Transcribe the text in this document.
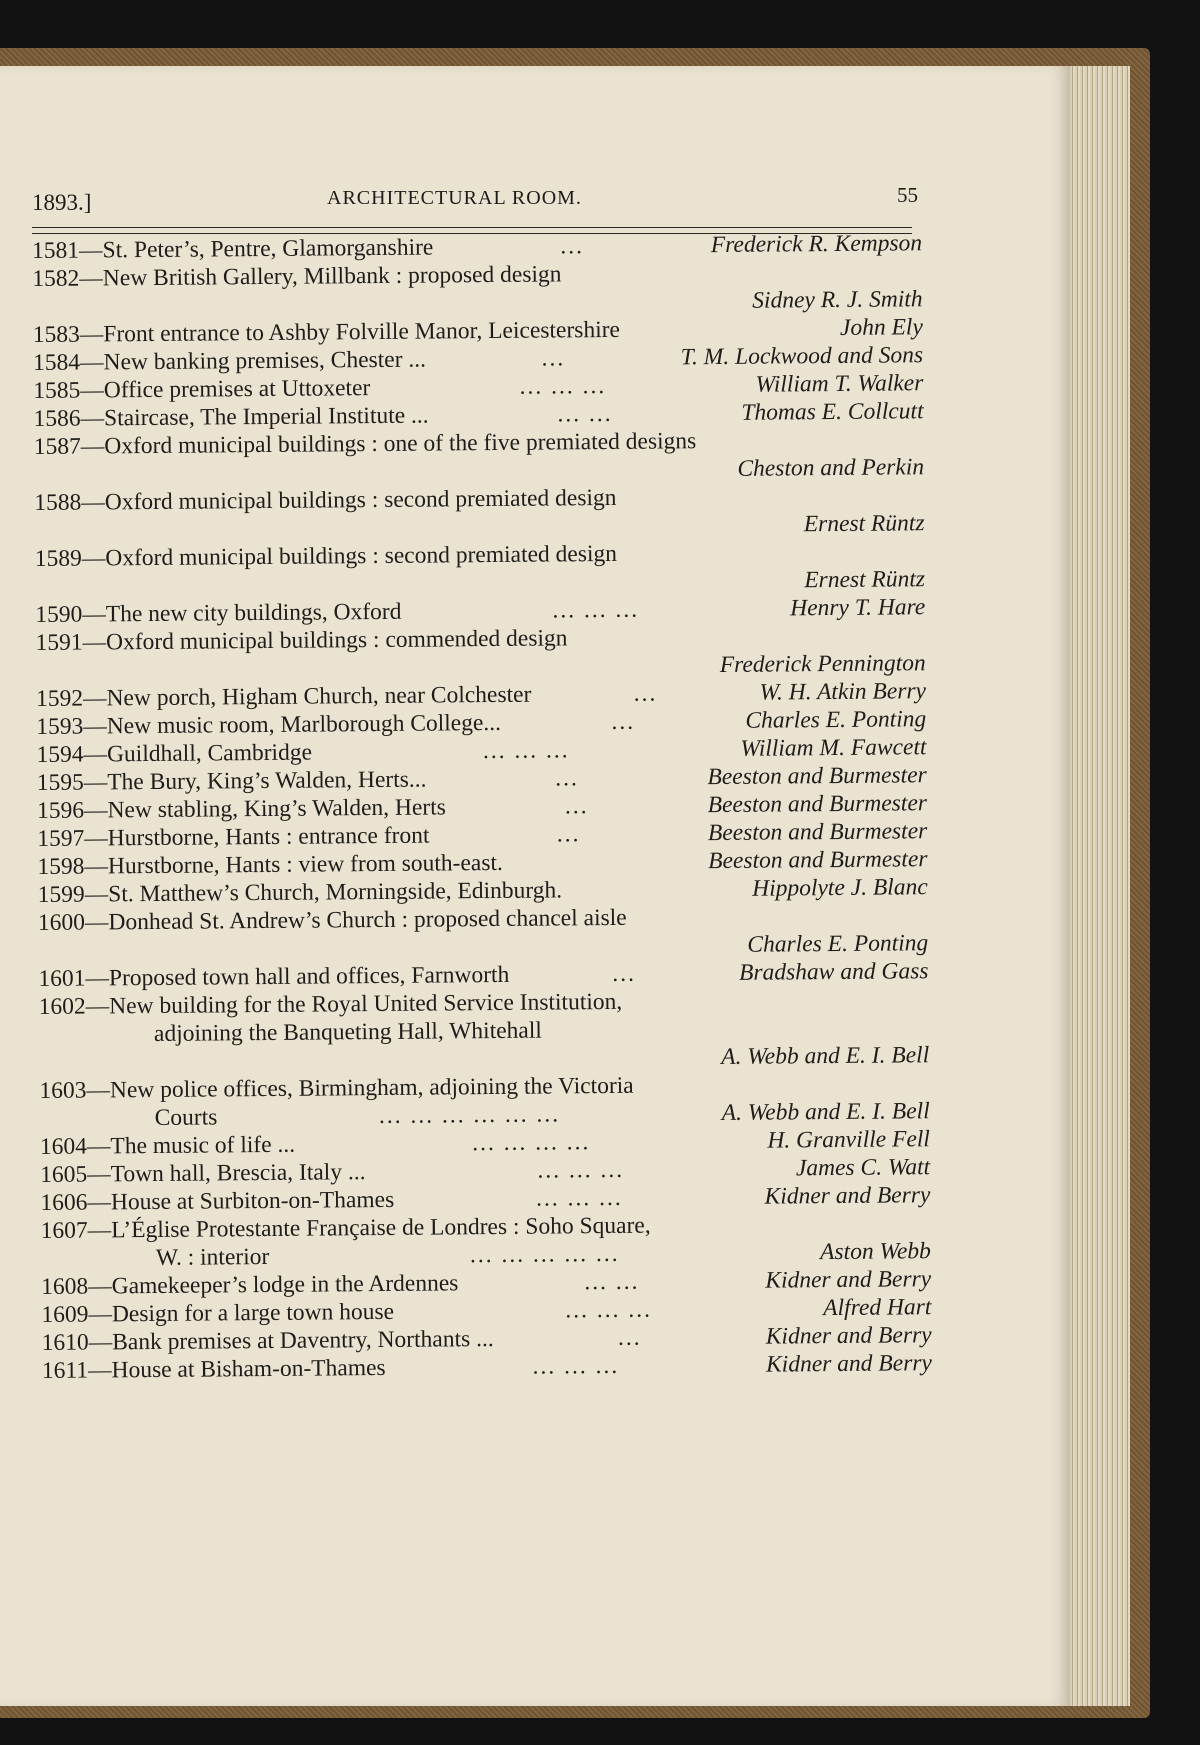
1893.]	ARCHITECTURAL ROOM.	55
1581 — St. Peter’s, Pentre, Glamorganshire	...	Frederick R. Kempson
1582 — New British Gallery, Millbank : proposed design
Sidney R. J. Smith
1583 — Front entrance to Ashby Folville Manor, Leicestershire	John Ely
1584 — New banking premises, Chester ...	...	T. M. Lockwood and Sons
1585 — Office premises at Uttoxeter	... ... ...	William T. Walker
1586 — Staircase, The Imperial Institute ...	... ...	Thomas E. Collcutt
1587 — Oxford municipal buildings : one of the five premiated designs
Cheston and Perkin
1588 — Oxford municipal buildings : second premiated design
Ernest Rüntz
1589 — Oxford municipal buildings : second premiated design
Ernest Rüntz
1590 — The new city buildings, Oxford	... ... ...	Henry T. Hare
1591 — Oxford municipal buildings : commended design
Frederick Pennington
1592 — New porch, Higham Church, near Colchester	...	W. H. Atkin Berry
1593 — New music room, Marlborough College...	...	Charles E. Ponting
1594 — Guildhall, Cambridge	... ... ...	William M. Fawcett
1595 — The Bury, King’s Walden, Herts...	...	Beeston and Burmester
1596 — New stabling, King’s Walden, Herts	...	Beeston and Burmester
1597 — Hurstborne, Hants : entrance front	...	Beeston and Burmester
1598 — Hurstborne, Hants : view from south-east.	Beeston and Burmester
1599 — St. Matthew’s Church, Morningside, Edinburgh.	Hippolyte J. Blanc
1600 — Donhead St. Andrew’s Church : proposed chancel aisle
Charles E. Ponting
1601 — Proposed town hall and offices, Farnworth	...	Bradshaw and Gass
1602 — New building for the Royal United Service Institution,
adjoining the Banqueting Hall, Whitehall
A. Webb and E. I. Bell
1603 — New police offices, Birmingham, adjoining the Victoria
Courts	... ... ... ... ... ...	A. Webb and E. I. Bell
1604 — The music of life ...	... ... ... ...	H. Granville Fell
1605 — Town hall, Brescia, Italy ...	... ... ...	James C. Watt
1606 — House at Surbiton-on-Thames	... ... ...	Kidner and Berry
1607 — L’Église Protestante Française de Londres : Soho Square,
W. : interior	... ... ... ... ...	Aston Webb
1608 — Gamekeeper’s lodge in the Ardennes	... ...	Kidner and Berry
1609 — Design for a large town house	... ... ...	Alfred Hart
1610 — Bank premises at Daventry, Northants ...	...	Kidner and Berry
1611 — House at Bisham-on-Thames	... ... ...	Kidner and Berry
